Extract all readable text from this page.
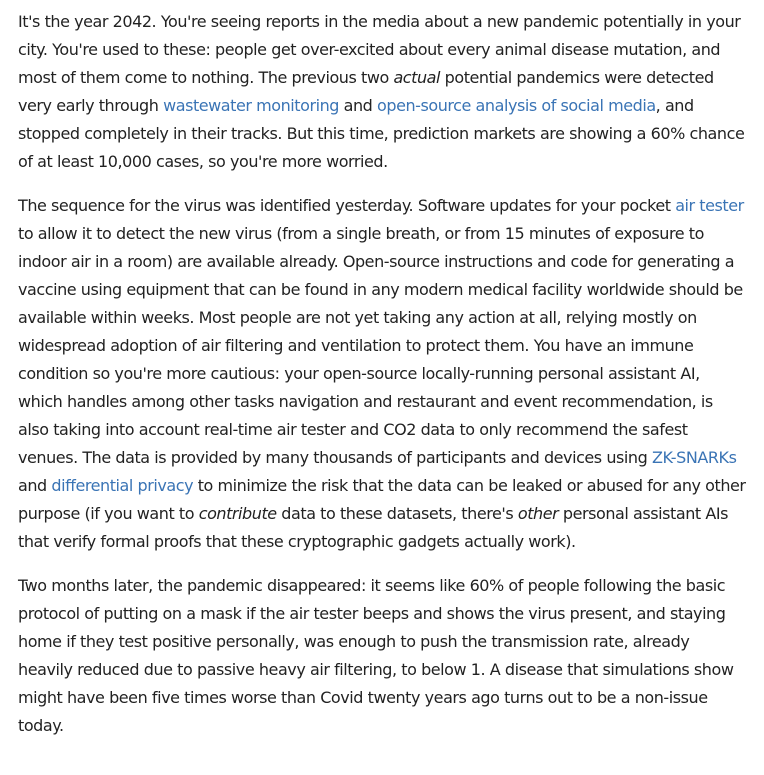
It's the year 2042. You're seeing reports in the media about a new pandemic potentially in your city. You're used to these: people get over-excited about every animal disease mutation, and most of them come to nothing. The previous two actual potential pandemics were detected very early through wastewater monitoring and open-source analysis of social media, and stopped completely in their tracks. But this time, prediction markets are showing a 60% chance of at least 10,000 cases, so you're more worried.

The sequence for the virus was identified yesterday. Software updates for your pocket air tester to allow it to detect the new virus (from a single breath, or from 15 minutes of exposure to indoor air in a room) are available already. Open-source instructions and code for generating a vaccine using equipment that can be found in any modern medical facility worldwide should be available within weeks. Most people are not yet taking any action at all, relying mostly on widespread adoption of air filtering and ventilation to protect them. You have an immune condition so you're more cautious: your open-source locally-running personal assistant AI, which handles among other tasks navigation and restaurant and event recommendation, is also taking into account real-time air tester and CO2 data to only recommend the safest venues. The data is provided by many thousands of participants and devices using ZK-SNARKs and differential privacy to minimize the risk that the data can be leaked or abused for any other purpose (if you want to contribute data to these datasets, there's other personal assistant AIs that verify formal proofs that these cryptographic gadgets actually work).

Two months later, the pandemic disappeared: it seems like 60% of people following the basic protocol of putting on a mask if the air tester beeps and shows the virus present, and staying home if they test positive personally, was enough to push the transmission rate, already heavily reduced due to passive heavy air filtering, to below 1. A disease that simulations show might have been five times worse than Covid twenty years ago turns out to be a non-issue today.
